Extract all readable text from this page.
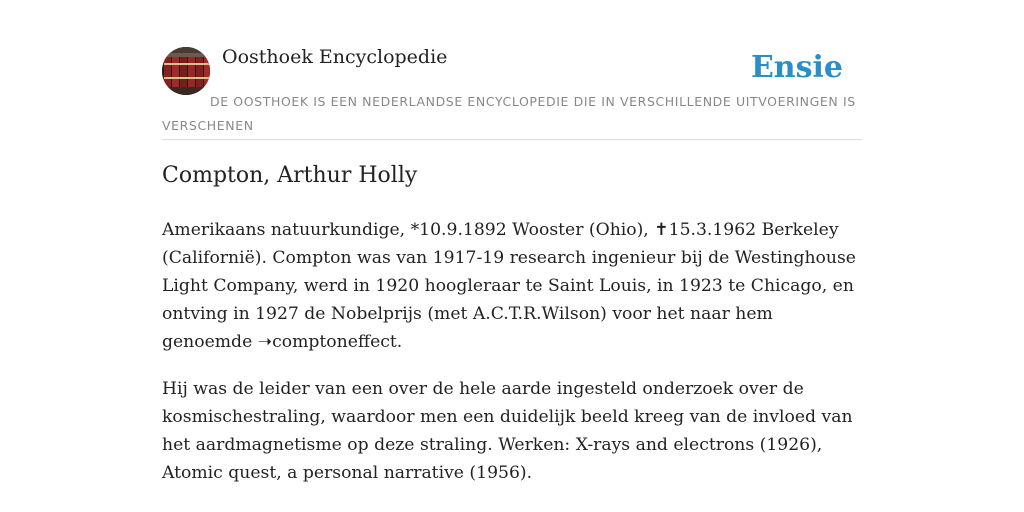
Oosthoek Encyclopedie	Ensie

DE OOSTHOEK IS EEN NEDERLANDSE ENCYCLOPEDIE DIE IN VERSCHILLENDE UITVOERINGEN IS VERSCHENEN

Compton, Arthur Holly

Amerikaans natuurkundige, *10.9.1892 Wooster (Ohio), ✝15.3.1962 Berkeley (Californië). Compton was van 1917-19 research ingenieur bij de Westinghouse Light Company, werd in 1920 hoogleraar te Saint Louis, in 1923 te Chicago, en ontving in 1927 de Nobelprijs (met A.C.T.R.Wilson) voor het naar hem genoemde ➝comptoneffect.

Hij was de leider van een over de hele aarde ingesteld onderzoek over de kosmischestraling, waardoor men een duidelijk beeld kreeg van de invloed van het aardmagnetisme op deze straling. Werken: X-rays and electrons (1926), Atomic quest, a personal narrative (1956).
